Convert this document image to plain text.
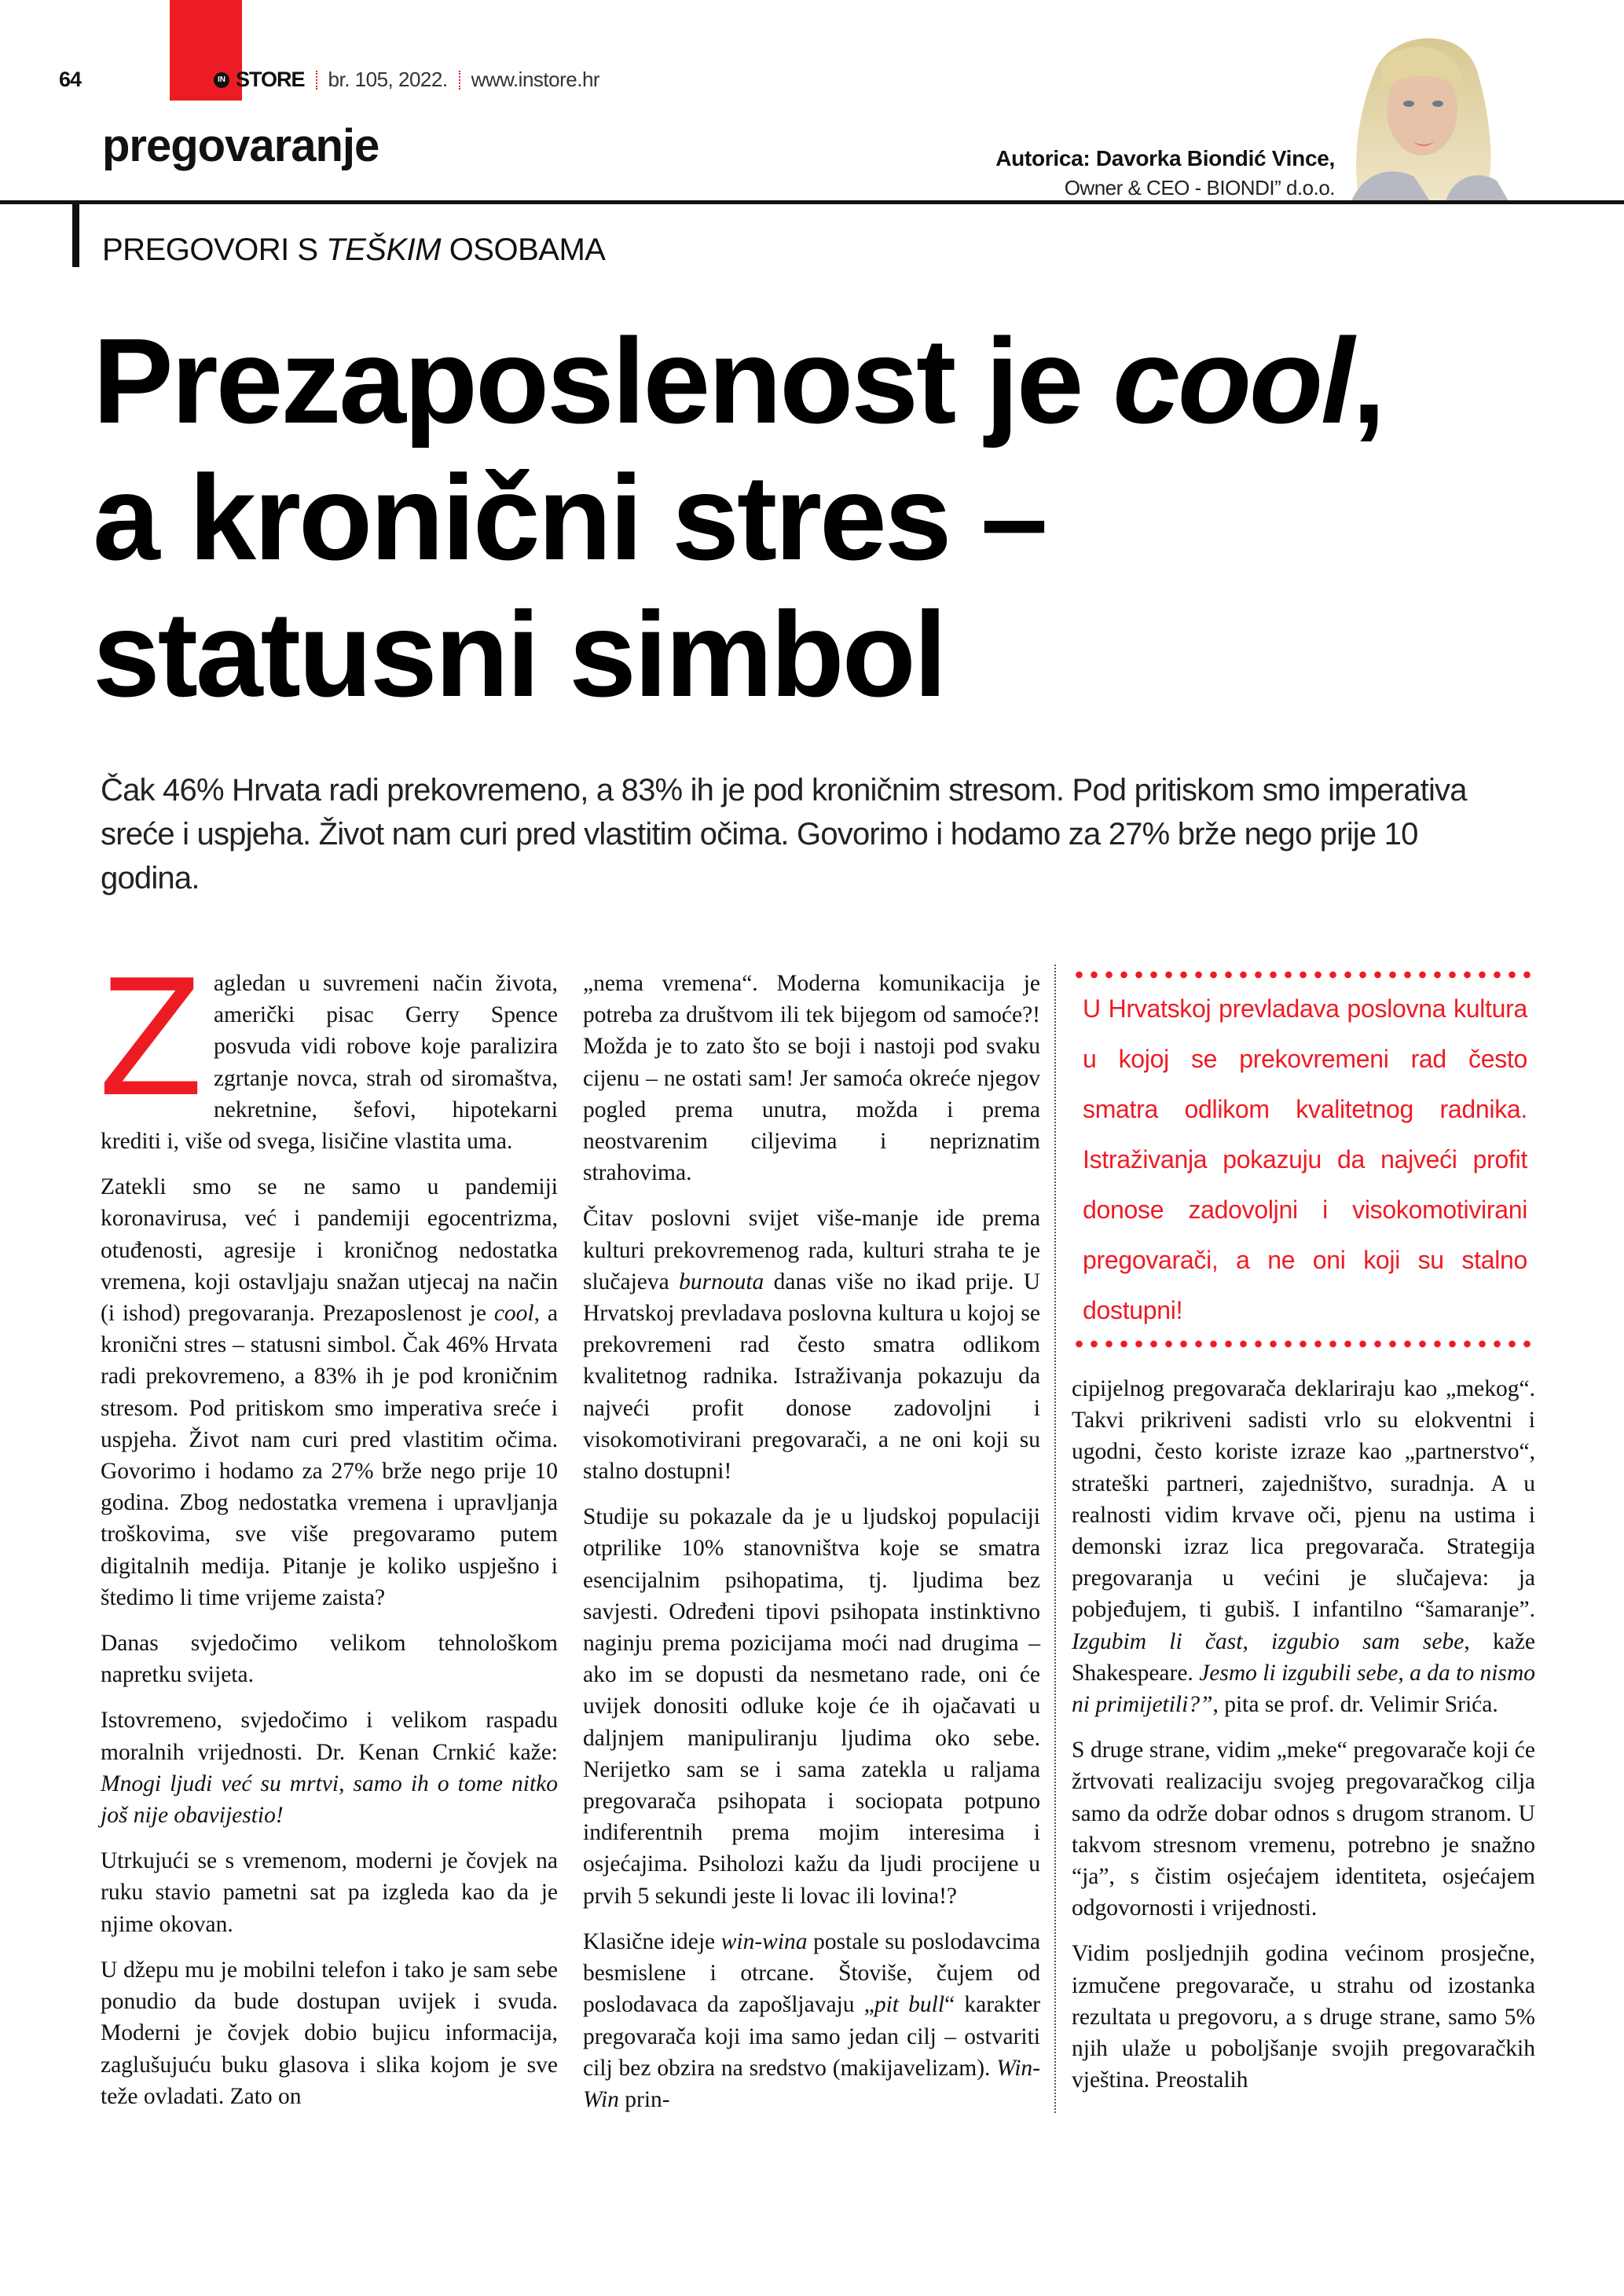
64	IN STORE br. 105, 2022. www.instore.hr
pregovaranje	Autorica: Davorka Biondić Vince,
Owner & CEO - BIONDI” d.o.o.
PREGOVORI S TEŠKIM OSOBAMA
Prezaposlenost je cool,
a kronični stres –
statusni simbol
Čak 46% Hrvata radi prekovremeno, a 83% ih je pod kroničnim stresom. Pod pritiskom smo imperativa sreće i uspjeha. Život nam curi pred vlastitim očima. Govorimo i hodamo za 27% brže nego prije 10 godina.

Zagledan u suvremeni način života, američki pisac Gerry Spence posvuda vidi robove koje paralizira zgrtanje novca, strah od siromaštva, nekretnine, šefovi, hipotekarni krediti i, više od svega, lisičine vlastita uma.

Zatekli smo se ne samo u pandemiji koronavirusa, već i pandemiji egocentrizma, otuđenosti, agresije i kroničnog nedostatka vremena, koji ostavljaju snažan utjecaj na način (i ishod) pregovaranja. Prezaposlenost je cool, a kronični stres – statusni simbol. Čak 46% Hrvata radi prekovremeno, a 83% ih je pod kroničnim stresom. Pod pritiskom smo imperativa sreće i uspjeha. Život nam curi pred vlastitim očima. Govorimo i hodamo za 27% brže nego prije 10 godina. Zbog nedostatka vremena i upravljanja troškovima, sve više pregovaramo putem digitalnih medija. Pitanje je koliko uspješno i štedimo li time vrijeme zaista?

Danas svjedočimo velikom tehnološkom napretku svijeta.

Istovremeno, svjedočimo i velikom raspadu moralnih vrijednosti. Dr. Kenan Crnkić kaže: Mnogi ljudi već su mrtvi, samo ih o tome nitko još nije obavijestio!

Utrkujući se s vremenom, moderni je čovjek na ruku stavio pametni sat pa izgleda kao da je njime okovan.

U džepu mu je mobilni telefon i tako je sam sebe ponudio da bude dostupan uvijek i svuda. Moderni je čovjek dobio bujicu informacija, zaglušujuću buku glasova i slika kojom je sve teže ovladati. Zato on

„nema vremena“. Moderna komunikacija je potreba za društvom ili tek bijegom od samoće?! Možda je to zato što se boji i nastoji pod svaku cijenu – ne ostati sam! Jer samoća okreće njegov pogled prema unutra, možda i prema neostvarenim ciljevima i nepriznatim strahovima.

Čitav poslovni svijet više-manje ide prema kulturi prekovremenog rada, kulturi straha te je slučajeva burnouta danas više no ikad prije. U Hrvatskoj prevladava poslovna kultura u kojoj se prekovremeni rad često smatra odlikom kvalitetnog radnika. Istraživanja pokazuju da najveći profit donose zadovoljni i visokomotivirani pregovarači, a ne oni koji su stalno dostupni!

Studije su pokazale da je u ljudskoj populaciji otprilike 10% stanovništva koje se smatra esencijalnim psihopatima, tj. ljudima bez savjesti. Određeni tipovi psihopata instinktivno naginju prema pozicijama moći nad drugima – ako im se dopusti da nesmetano rade, oni će uvijek donositi odluke koje će ih ojačavati u daljnjem manipuliranju ljudima oko sebe. Nerijetko sam se i sama zatekla u raljama pregovarača psihopata i sociopata potpuno indiferentnih prema mojim interesima i osjećajima. Psiholozi kažu da ljudi procijene u prvih 5 sekundi jeste li lovac ili lovina!?

Klasične ideje win-wina postale su poslodavcima besmislene i otrcane. Štoviše, čujem od poslodavaca da zapošljavaju „pit bull“ karakter pregovarača koji ima samo jedan cilj – ostvariti cilj bez obzira na sredstvo (makijavelizam). Win-Win prin-

U Hrvatskoj prevladava poslovna kultura u kojoj se prekovremeni rad često smatra odlikom kvalitetnog radnika. Istraživanja pokazuju da najveći profit donose zadovoljni i visokomotivirani pregovarači, a ne oni koji su stalno dostupni!

cipijelnog pregovarača deklariraju kao „mekog“. Takvi prikriveni sadisti vrlo su elokventni i ugodni, često koriste izraze kao „partnerstvo“, strateški partneri, zajedništvo, suradnja. A u realnosti vidim krvave oči, pjenu na ustima i demonski izraz lica pregovarača. Strategija pregovaranja u većini je slučajeva: ja pobjeđujem, ti gubiš. I infantilno “šamaranje”. Izgubim li čast, izgubio sam sebe, kaže Shakespeare. Jesmo li izgubili sebe, a da to nismo ni primijetili?”, pita se prof. dr. Velimir Srića.

S druge strane, vidim „meke“ pregovarače koji će žrtvovati realizaciju svojeg pregovaračkog cilja samo da održe dobar odnos s drugom stranom. U takvom stresnom vremenu, potrebno je snažno “ja”, s čistim osjećajem identiteta, osjećajem odgovornosti i vrijednosti.

Vidim posljednjih godina većinom prosječne, izmučene pregovarače, u strahu od izostanka rezultata u pregovoru, a s druge strane, samo 5% njih ulaže u poboljšanje svojih pregovaračkih vještina. Preostalih
